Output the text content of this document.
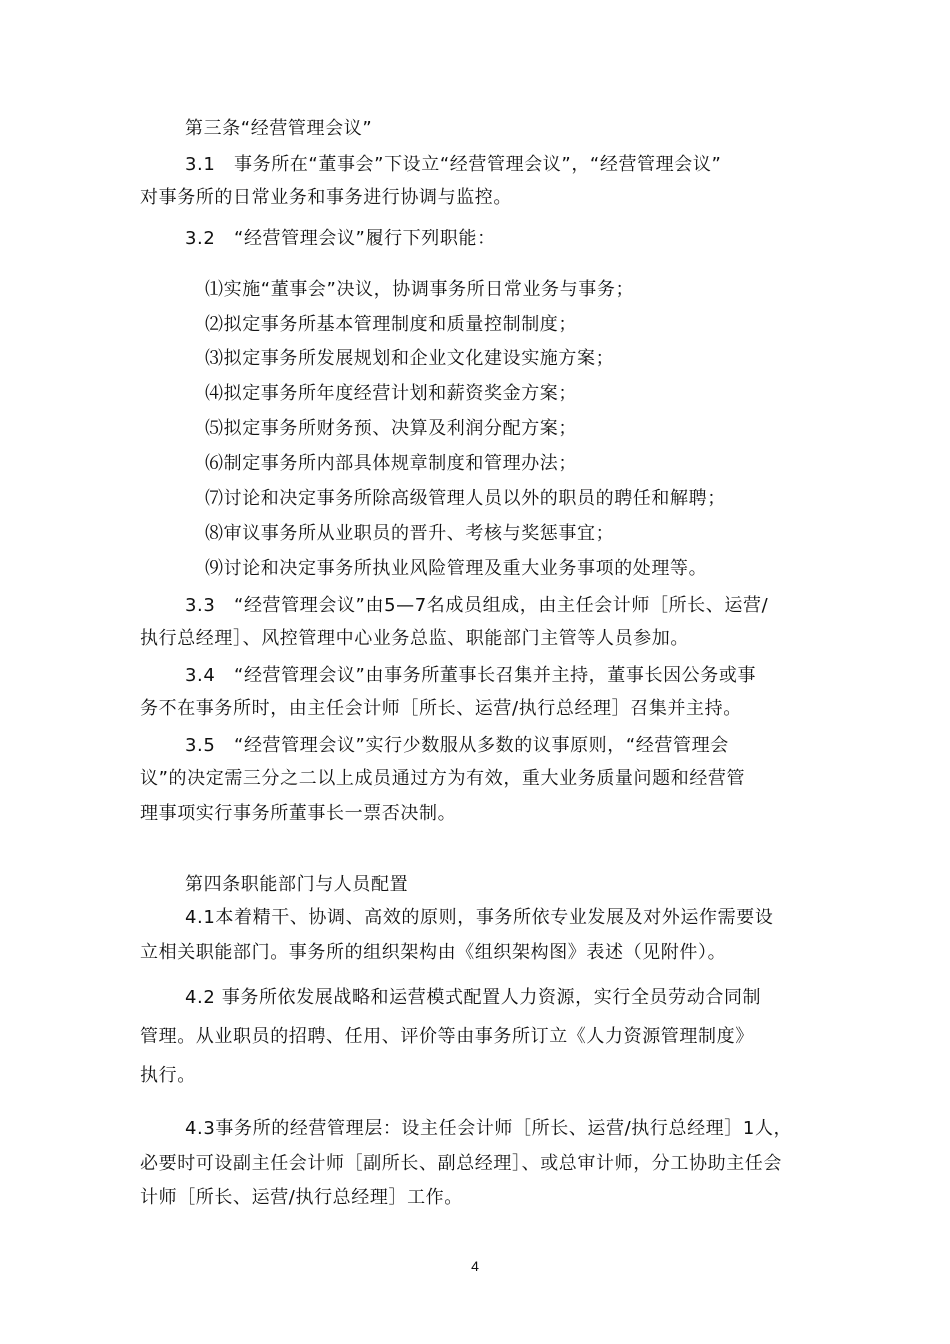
第三条“经营管理会议”
3.1　事务所在“董事会”下设立“经营管理会议”，“经营管理会议”
对事务所的日常业务和事务进行协调与监控。
3.2　“经营管理会议”履行下列职能：
⑴实施“董事会”决议，协调事务所日常业务与事务；
⑵拟定事务所基本管理制度和质量控制制度；
⑶拟定事务所发展规划和企业文化建设实施方案；
⑷拟定事务所年度经营计划和薪资奖金方案；
⑸拟定事务所财务预、决算及利润分配方案；
⑹制定事务所内部具体规章制度和管理办法；
⑺讨论和决定事务所除高级管理人员以外的职员的聘任和解聘；
⑻审议事务所从业职员的晋升、考核与奖惩事宜；
⑼讨论和决定事务所执业风险管理及重大业务事项的处理等。
3.3　“经营管理会议”由5—7名成员组成，由主任会计师［所长、运营/
执行总经理］、风控管理中心业务总监、职能部门主管等人员参加。
3.4　“经营管理会议”由事务所董事长召集并主持，董事长因公务或事
务不在事务所时，由主任会计师［所长、运营/执行总经理］召集并主持。
3.5　“经营管理会议”实行少数服从多数的议事原则，“经营管理会
议”的决定需三分之二以上成员通过方为有效，重大业务质量问题和经营管
理事项实行事务所董事长一票否决制。
第四条职能部门与人员配置
4.1本着精干、协调、高效的原则，事务所依专业发展及对外运作需要设
立相关职能部门。事务所的组织架构由《组织架构图》表述（见附件）。
4.2 事务所依发展战略和运营模式配置人力资源，实行全员劳动合同制
管理。从业职员的招聘、任用、评价等由事务所订立《人力资源管理制度》
执行。
4.3事务所的经营管理层：设主任会计师［所长、运营/执行总经理］1人，
必要时可设副主任会计师［副所长、副总经理］、或总审计师，分工协助主任会
计师［所长、运营/执行总经理］工作。
4
